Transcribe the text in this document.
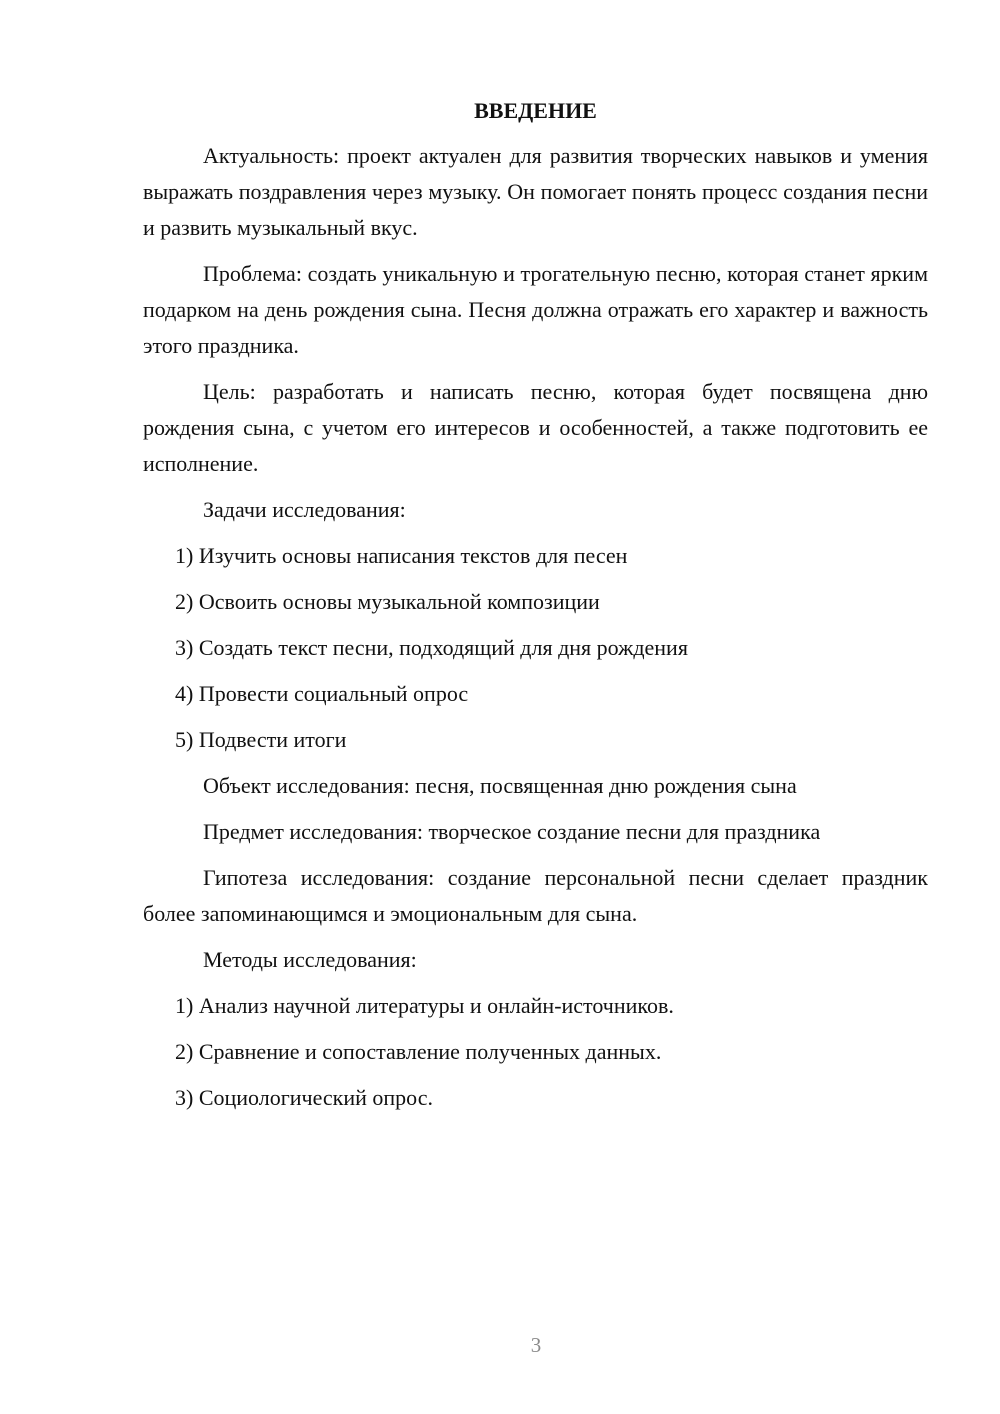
ВВЕДЕНИЕ
Актуальность: проект актуален для развития творческих навыков и умения выражать поздравления через музыку. Он помогает понять процесс создания песни и развить музыкальный вкус.
Проблема: создать уникальную и трогательную песню, которая станет ярким подарком на день рождения сына. Песня должна отражать его характер и важность этого праздника.
Цель: разработать и написать песню, которая будет посвящена дню рождения сына, с учетом его интересов и особенностей, а также подготовить ее исполнение.
Задачи исследования:
1) Изучить основы написания текстов для песен
2) Освоить основы музыкальной композиции
3) Создать текст песни, подходящий для дня рождения
4) Провести социальный опрос
5) Подвести итоги
Объект исследования: песня, посвященная дню рождения сына
Предмет исследования: творческое создание песни для праздника
Гипотеза исследования: создание персональной песни сделает праздник более запоминающимся и эмоциональным для сына.
Методы исследования:
1) Анализ научной литературы и онлайн-источников.
2) Сравнение и сопоставление полученных данных.
3) Социологический опрос.
3
